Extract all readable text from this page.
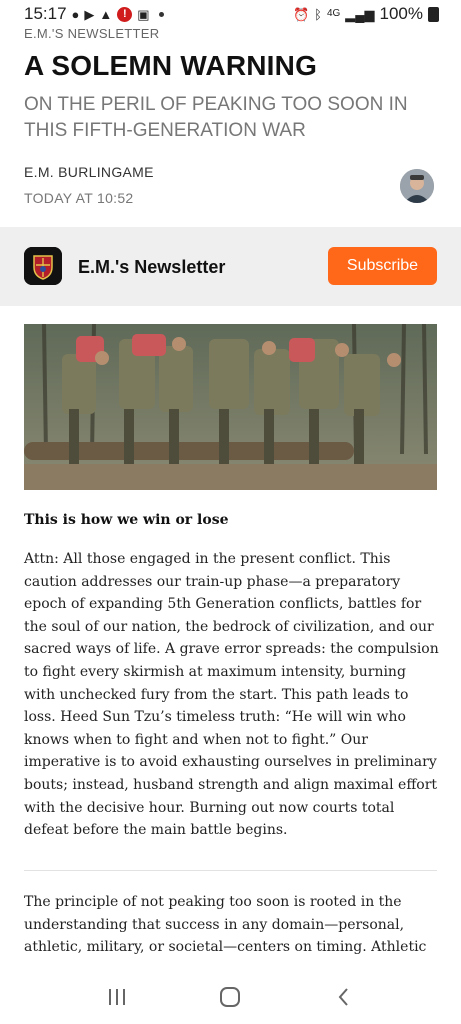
15:17 ● ▶ ▲ ! ▣	⏰ ᛒ 4G ▂▄▆ 100%
E.M.'S NEWSLETTER
A SOLEMN WARNING
ON THE PERIL OF PEAKING TOO SOON IN THIS FIFTH-GENERATION WAR
E.M. BURLINGAME
TODAY AT 10:52
E.M.'s Newsletter	Subscribe
This is how we win or lose

Attn: All those engaged in the present conflict. This caution addresses our train-up phase—a preparatory epoch of expanding 5th Generation conflicts, battles for the soul of our nation, the bedrock of civilization, and our sacred ways of life. A grave error spreads: the compulsion to fight every skirmish at maximum intensity, burning with unchecked fury from the start. This path leads to loss. Heed Sun Tzu’s timeless truth: “He will win who knows when to fight and when not to fight.” Our imperative is to avoid exhausting ourselves in preliminary bouts; instead, husband strength and align maximal effort with the decisive hour. Burning out now courts total defeat before the main battle begins.

The principle of not peaking too soon is rooted in the understanding that success in any domain—personal, athletic, military, or societal—centers on timing. Athletic
